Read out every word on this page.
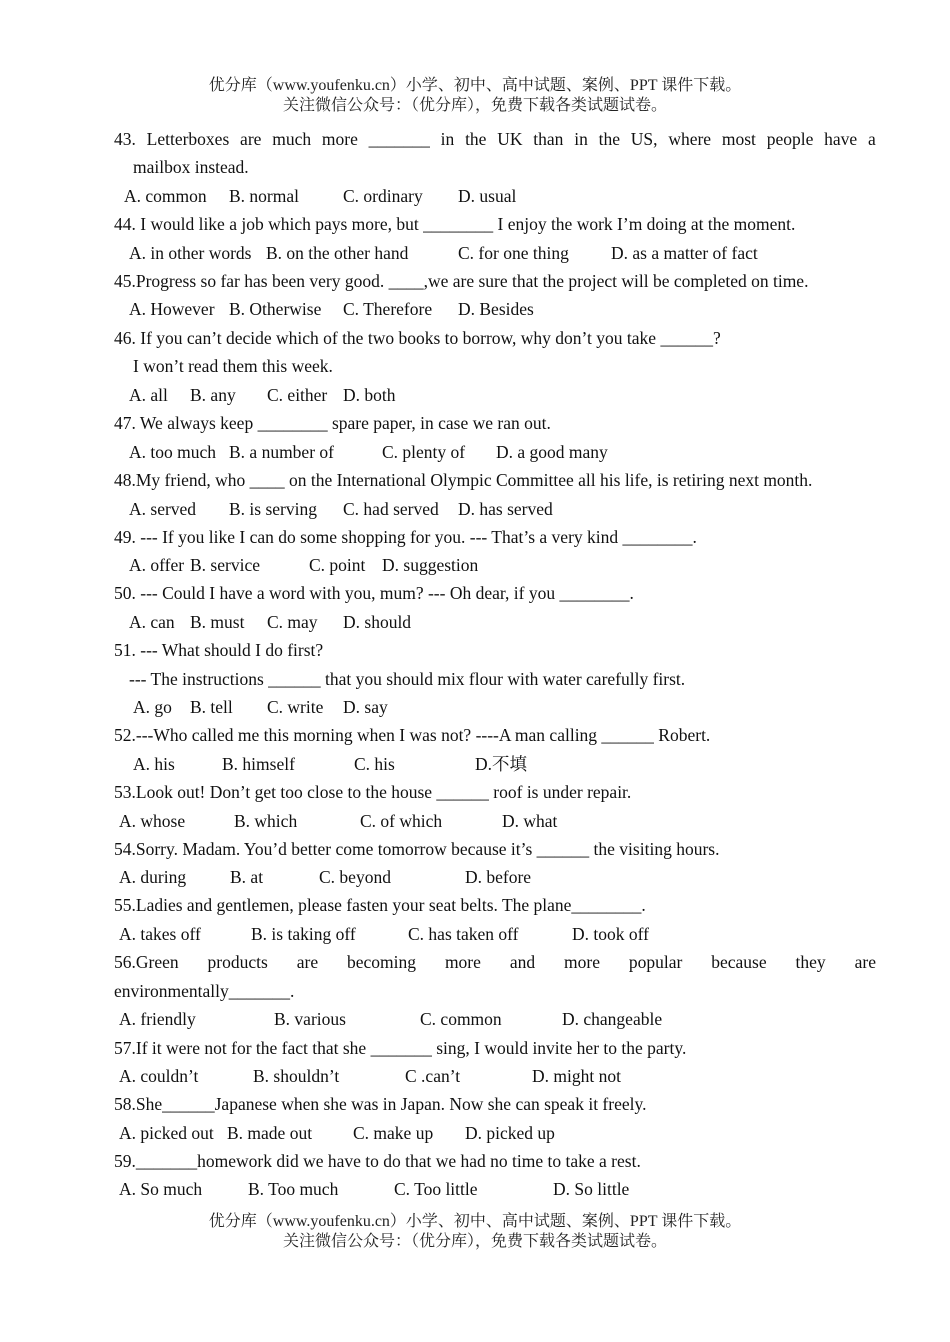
优分库（www.youfenku.cn）小学、初中、高中试题、案例、PPT 课件下载。
关注微信公众号：（优分库），免费下载各类试题试卷。
43. Letterboxes are much more _______ in the UK than in the US, where most people have a
mailbox instead.
A. common B. normal	C. ordinary D. usual
44. I would like a job which pays more, but ________ I enjoy the work I’m doing at the moment.
A. in other words B. on the other hand	C. for one thing D. as a matter of fact
45.Progress so far has been very good. ____,we are sure that the project will be completed on time.
A. However B. Otherwise C. Therefore D. Besides
46. If you can’t decide which of the two books to borrow, why don’t you take ______?
I won’t read them this week.
A. all B. any C. either D. both
47. We always keep ________ spare paper, in case we ran out.
A. too much B. a number of	C. plenty of D. a good many
48.My friend, who ____ on the International Olympic Committee all his life, is retiring next month.
A. served B. is serving C. had served D. has served
49. --- If you like I can do some shopping for you. --- That’s a very kind ________.
A. offer B. service	C. point D. suggestion
50. --- Could I have a word with you, mum? --- Oh dear, if you ________.
A. can B. must C. may D. should
51. --- What should I do first?
--- The instructions ______ that you should mix flour with water carefully first.
A. go B. tell C. write D. say
52.---Who called me this morning when I was not? ----A man calling ______ Robert.
A. his	B. himself	C. his	D.不填
53.Look out! Don’t get too close to the house ______ roof is under repair.
A. whose	B. which	C. of which	D. what
54.Sorry. Madam. You’d better come tomorrow because it’s ______ the visiting hours.
A. during	B. at	C. beyond	D. before
55.Ladies and gentlemen, please fasten your seat belts. The plane________.
A. takes off	B. is taking off	C. has taken off	D. took off
56.Green products are becoming more and more popular because they are
environmentally_______.
A. friendly	B. various	C. common	D. changeable
57.If it were not for the fact that she _______ sing, I would invite her to the party.
A. couldn’t	B. shouldn’t	C .can’t	D. might not
58.She______Japanese when she was in Japan. Now she can speak it freely.
A. picked out B. made out C. make up D. picked up
59._______homework did we have to do that we had no time to take a rest.
A. So much	B. Too much	C. Too little	D. So little
优分库（www.youfenku.cn）小学、初中、高中试题、案例、PPT 课件下载。
关注微信公众号：（优分库），免费下载各类试题试卷。
